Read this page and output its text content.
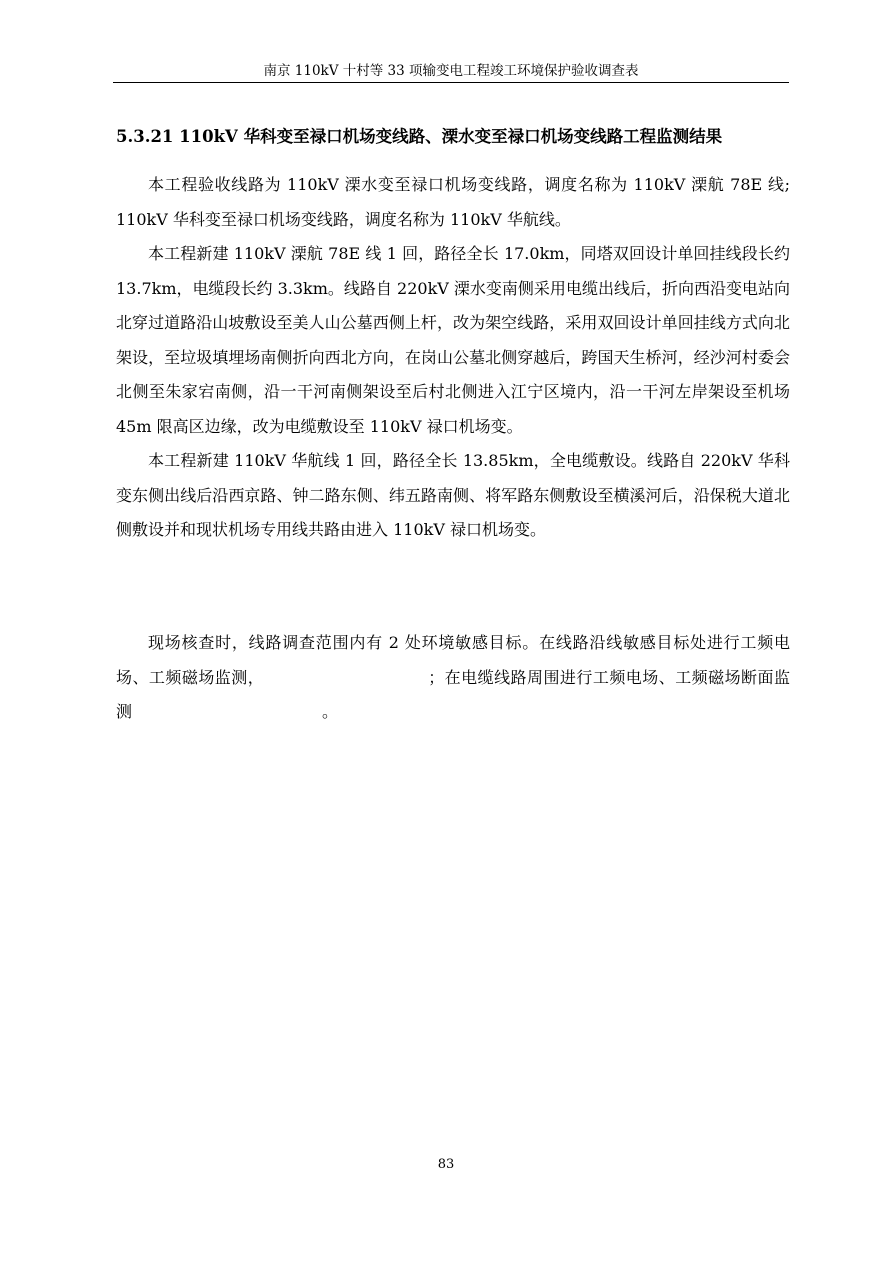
南京 110kV 十村等 33 项输变电工程竣工环境保护验收调查表
5.3.21 110kV 华科变至禄口机场变线路、溧水变至禄口机场变线路工程监测结果

本工程验收线路为 110kV 溧水变至禄口机场变线路，调度名称为 110kV 溧航 78E 线; 110kV 华科变至禄口机场变线路，调度名称为 110kV 华航线。

本工程新建 110kV 溧航 78E 线 1 回，路径全长 17.0km，同塔双回设计单回挂线段长约 13.7km，电缆段长约 3.3km。线路自 220kV 溧水变南侧采用电缆出线后，折向西沿变电站向北穿过道路沿山坡敷设至美人山公墓西侧上杆，改为架空线路，采用双回设计单回挂线方式向北架设，至垃圾填埋场南侧折向西北方向，在岗山公墓北侧穿越后，跨国天生桥河，经沙河村委会北侧至朱家宕南侧，沿一干河南侧架设至后村北侧进入江宁区境内，沿一干河左岸架设至机场 45m 限高区边缘，改为电缆敷设至 110kV 禄口机场变。

本工程新建 110kV 华航线 1 回，路径全长 13.85km，全电缆敷设。线路自 220kV 华科变东侧出线后沿西京路、钟二路东侧、纬五路南侧、将军路东侧敷设至横溪河后，沿保税大道北侧敷设并和现状机场专用线共路由进入 110kV 禄口机场变。

现场核查时，线路调查范围内有 2 处环境敏感目标。在线路沿线敏感目标处进行工频电场、工频磁场监测，	；在电缆线路周围进行工频电场、工频磁场断面监测	。

83
